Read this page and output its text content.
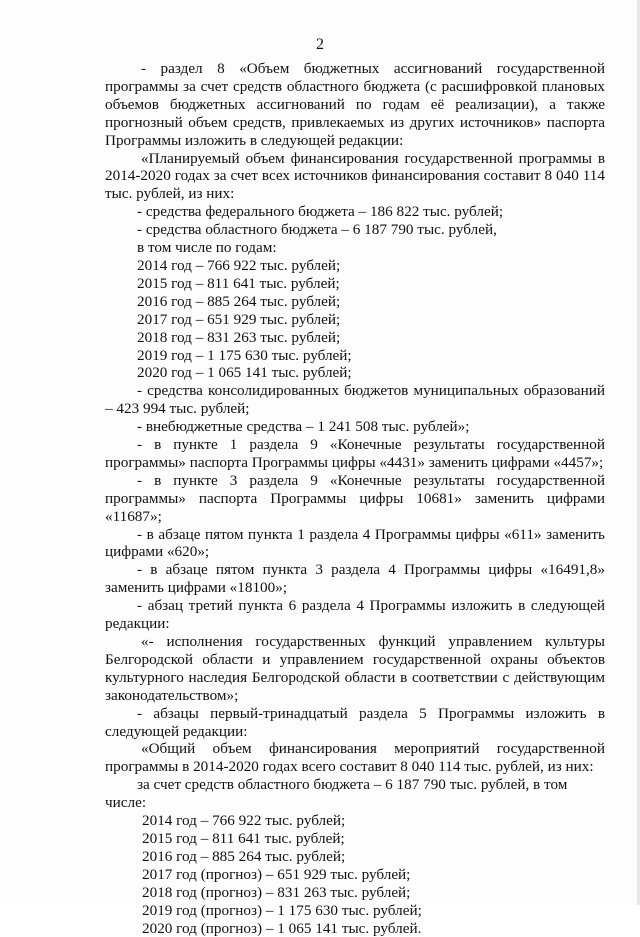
2

- раздел 8 «Объем бюджетных ассигнований государственной программы за счет средств областного бюджета (с расшифровкой плановых объемов бюджетных ассигнований по годам её реализации), а также прогнозный объем средств, привлекаемых из других источников» паспорта Программы изложить в следующей редакции:

«Планируемый объем финансирования государственной программы в 2014-2020 годах за счет всех источников финансирования составит 8 040 114 тыс. рублей, из них:

- средства федерального бюджета – 186 822 тыс. рублей;

- средства областного бюджета – 6 187 790 тыс. рублей,

в том числе по годам:

2014 год – 766 922 тыс. рублей;

2015 год – 811 641 тыс. рублей;

2016 год – 885 264 тыс. рублей;

2017 год – 651 929 тыс. рублей;

2018 год – 831 263 тыс. рублей;

2019 год – 1 175 630 тыс. рублей;

2020 год – 1 065 141 тыс. рублей;

- средства консолидированных бюджетов муниципальных образований – 423 994 тыс. рублей;

- внебюджетные средства – 1 241 508 тыс. рублей»;

- в пункте 1 раздела 9 «Конечные результаты государственной программы» паспорта Программы цифры «4431» заменить цифрами «4457»;

- в пункте 3 раздела 9 «Конечные результаты государственной программы» паспорта Программы цифры 10681» заменить цифрами «11687»;

- в абзаце пятом пункта 1 раздела 4 Программы цифры «611» заменить цифрами «620»;

- в абзаце пятом пункта 3 раздела 4 Программы цифры «16491,8» заменить цифрами «18100»;

- абзац третий пункта 6 раздела 4 Программы изложить в следующей редакции:

«- исполнения государственных функций управлением культуры Белгородской области и управлением государственной охраны объектов культурного наследия Белгородской области в соответствии с действующим законодательством»;

- абзацы первый-тринадцатый раздела 5 Программы изложить в следующей редакции:

«Общий объем финансирования мероприятий государственной программы в 2014-2020 годах всего составит 8 040 114 тыс. рублей, из них:

за счет средств областного бюджета – 6 187 790 тыс. рублей, в том числе:

2014 год – 766 922 тыс. рублей;

2015 год – 811 641 тыс. рублей;

2016 год – 885 264 тыс. рублей;

2017 год (прогноз) – 651 929 тыс. рублей;

2018 год (прогноз) – 831 263 тыс. рублей;

2019 год (прогноз) – 1 175 630 тыс. рублей;

2020 год (прогноз) – 1 065 141 тыс. рублей.
